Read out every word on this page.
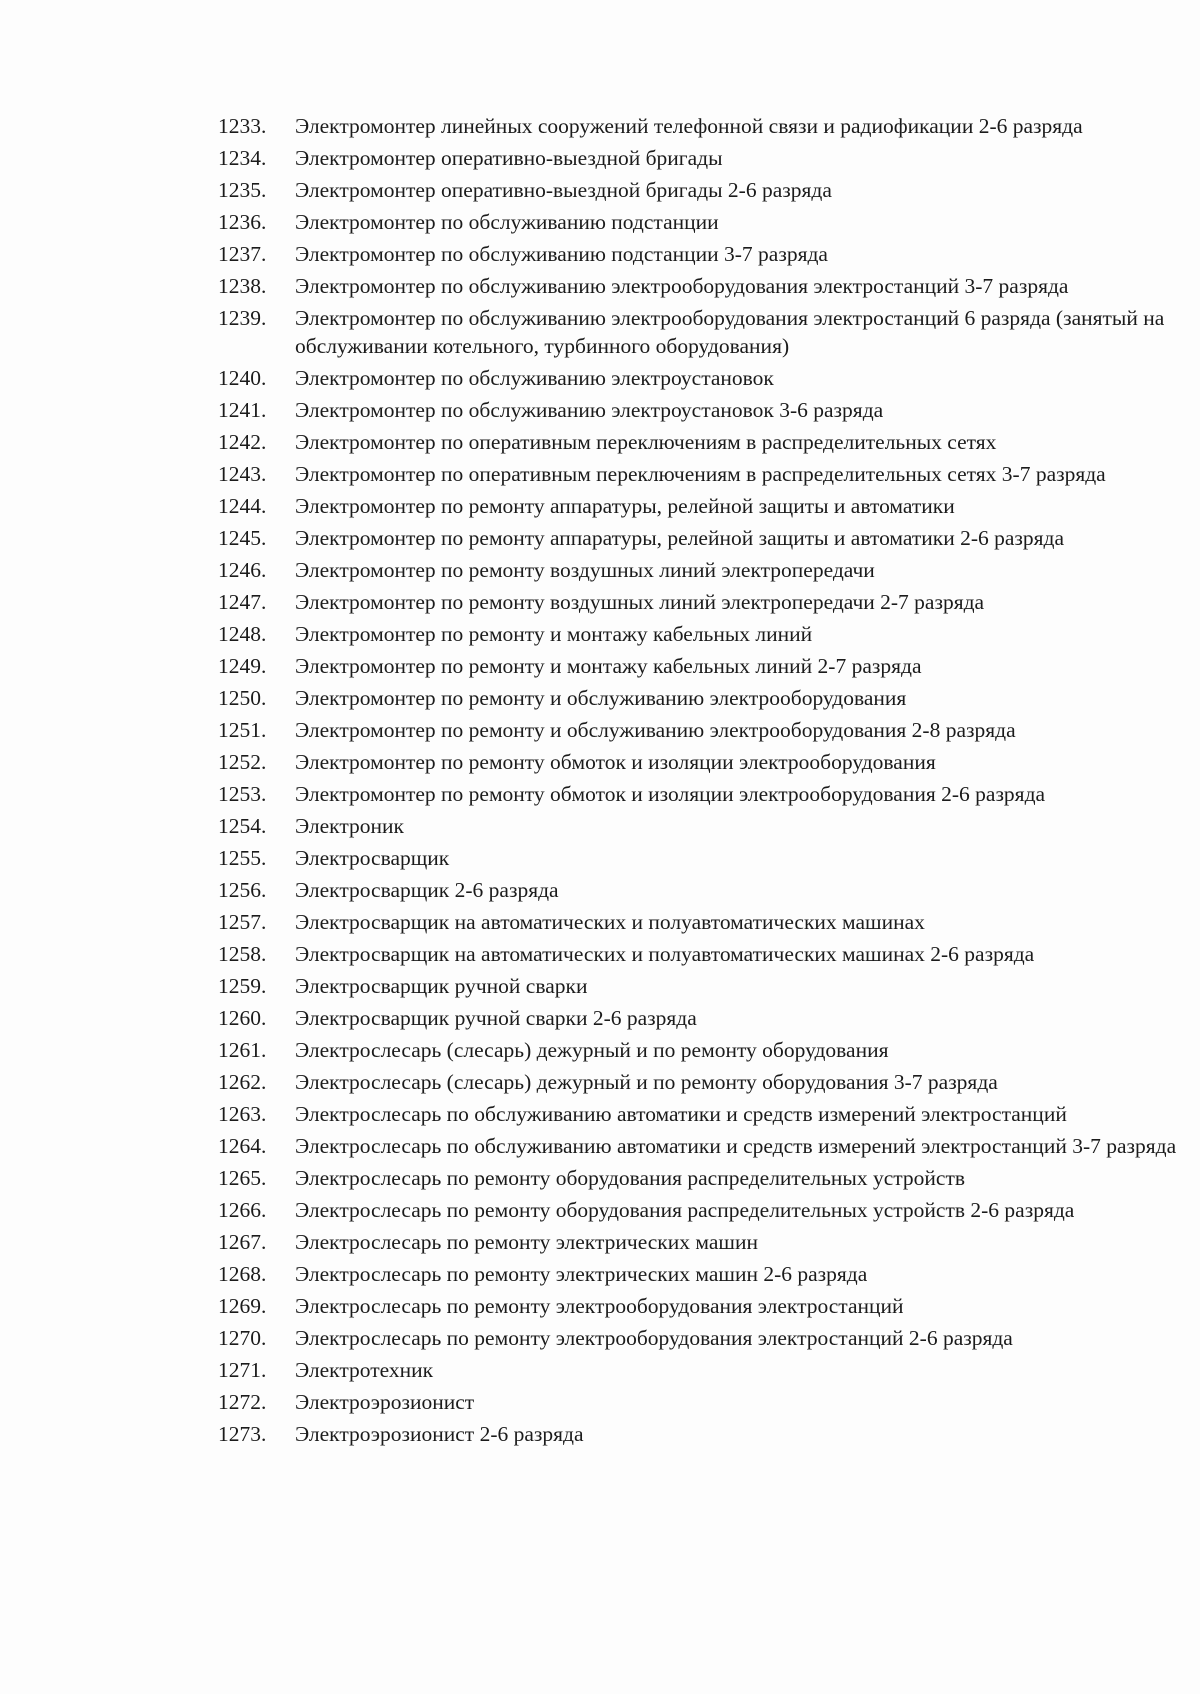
1233.	Электромонтер линейных сооружений телефонной связи и радиофикации 2-6 разряда
1234.	Электромонтер оперативно-выездной бригады
1235.	Электромонтер оперативно-выездной бригады 2-6 разряда
1236.	Электромонтер по обслуживанию подстанции
1237.	Электромонтер по обслуживанию подстанции 3-7 разряда
1238.	Электромонтер по обслуживанию электрооборудования электростанций 3-7 разряда
1239.	Электромонтер по обслуживанию электрооборудования электростанций 6 разряда (занятый на обслуживании котельного, турбинного оборудования)
1240.	Электромонтер по обслуживанию электроустановок
1241.	Электромонтер по обслуживанию электроустановок 3-6 разряда
1242.	Электромонтер по оперативным переключениям в распределительных сетях
1243.	Электромонтер по оперативным переключениям в распределительных сетях 3-7 разряда
1244.	Электромонтер по ремонту аппаратуры, релейной защиты и автоматики
1245.	Электромонтер по ремонту аппаратуры, релейной защиты и автоматики 2-6 разряда
1246.	Электромонтер по ремонту воздушных линий электропередачи
1247.	Электромонтер по ремонту воздушных линий электропередачи 2-7 разряда
1248.	Электромонтер по ремонту и монтажу кабельных линий
1249.	Электромонтер по ремонту и монтажу кабельных линий 2-7 разряда
1250.	Электромонтер по ремонту и обслуживанию электрооборудования
1251.	Электромонтер по ремонту и обслуживанию электрооборудования 2-8 разряда
1252.	Электромонтер по ремонту обмоток и изоляции электрооборудования
1253.	Электромонтер по ремонту обмоток и изоляции электрооборудования 2-6 разряда
1254.	Электроник
1255.	Электросварщик
1256.	Электросварщик 2-6 разряда
1257.	Электросварщик на автоматических и полуавтоматических машинах
1258.	Электросварщик на автоматических и полуавтоматических машинах 2-6 разряда
1259.	Электросварщик ручной сварки
1260.	Электросварщик ручной сварки 2-6 разряда
1261.	Электрослесарь (слесарь) дежурный и по ремонту оборудования
1262.	Электрослесарь (слесарь) дежурный и по ремонту оборудования 3-7 разряда
1263.	Электрослесарь по обслуживанию автоматики и средств измерений электростанций
1264.	Электрослесарь по обслуживанию автоматики и средств измерений электростанций 3-7 разряда
1265.	Электрослесарь по ремонту оборудования распределительных устройств
1266.	Электрослесарь по ремонту оборудования распределительных устройств 2-6 разряда
1267.	Электрослесарь по ремонту электрических машин
1268.	Электрослесарь по ремонту электрических машин 2-6 разряда
1269.	Электрослесарь по ремонту электрооборудования электростанций
1270.	Электрослесарь по ремонту электрооборудования электростанций 2-6 разряда
1271.	Электротехник
1272.	Электроэрозионист
1273.	Электроэрозионист 2-6 разряда
